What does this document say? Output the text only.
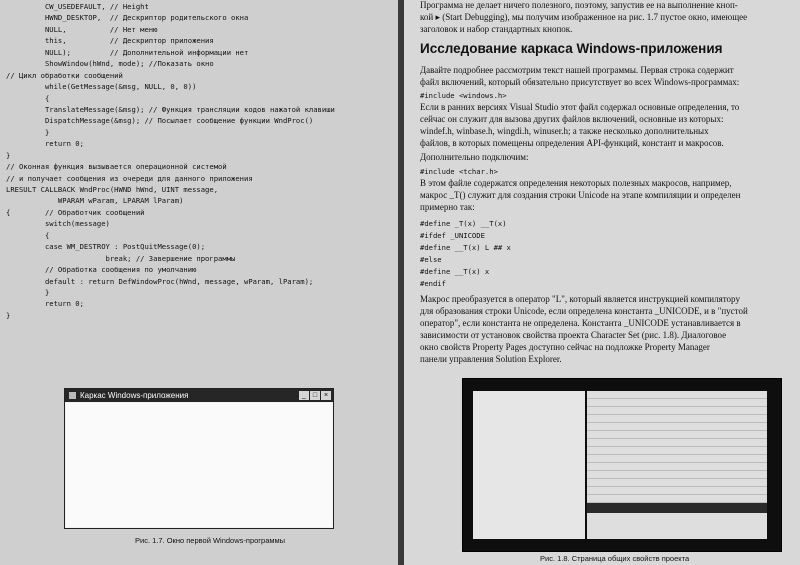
CW_USEDEFAULT, // Height
HWND_DESKTOP,  // Дескриптор родительского окна
NULL,          // Нет меню
this,          // Дескриптор приложения
NULL);         // Дополнительной информации нет
ShowWindow(hWnd, mode); //Показать окно
// Цикл обработки сообщений
while(GetMessage(&msg, NULL, 0, 0))
{
TranslateMessage(&msg); // Функция трансляции кодов нажатой клавиши
DispatchMessage(&msg); // Посылает сообщение функции WndProc()
}
return 0;
}
// Оконная функция вызывается операционной системой
// и получает сообщения из очереди для данного приложения
LRESULT CALLBACK WndProc(HWND hWnd, UINT message,
WPARAM wParam, LPARAM lParam)
{        // Обработчик сообщений
switch(message)
{
case WM_DESTROY : PostQuitMessage(0);
break; // Завершение программы
// Обработка сообщения по умолчанию
default : return DefWindowProc(hWnd, message, wParam, lParam);
}
return 0;
}
Каркас Windows-приложения	_ □ ×
Рис. 1.7. Окно первой Windows-программы
Программа не делает ничего полезного, поэтому, запустив ее на выполнение кноп-
кой ▸ (Start Debugging), мы получим изображенное на рис. 1.7 пустое окно, имеющее
заголовок и набор стандартных кнопок.
Исследование каркаса Windows-приложения
Давайте подробнее рассмотрим текст нашей программы. Первая строка содержит
файл включений, который обязательно присутствует во всех Windows-программах:
#include <windows.h>
Если в ранних версиях Visual Studio этот файл содержал основные определения, то
сейчас он служит для вызова других файлов включений, основные из которых:
windef.h, winbase.h, wingdi.h, winuser.h; а также несколько дополнительных
файлов, в которых помещены определения API-функций, констант и макросов.
Дополнительно подключим:
#include <tchar.h>
В этом файле содержатся определения некоторых полезных макросов, например,
макрос _T() служит для создания строки Unicode на этапе компиляции и определен
примерно так:
#define _T(x) __T(x)
#ifdef _UNICODE
#define __T(x) L ## x
#else
#define __T(x) x
#endif
Макрос преобразуется в оператор "L", который является инструкцией компилятору
для образования строки Unicode, если определена константа _UNICODE, и в "пустой
оператор", если константа не определена. Константа _UNICODE устанавливается в
зависимости от установок свойства проекта Character Set (рис. 1.8). Диалоговое
окно свойств Property Pages доступно сейчас на подложке Property Manager
панели управления Solution Explorer.
Рис. 1.8. Страница общих свойств проекта
